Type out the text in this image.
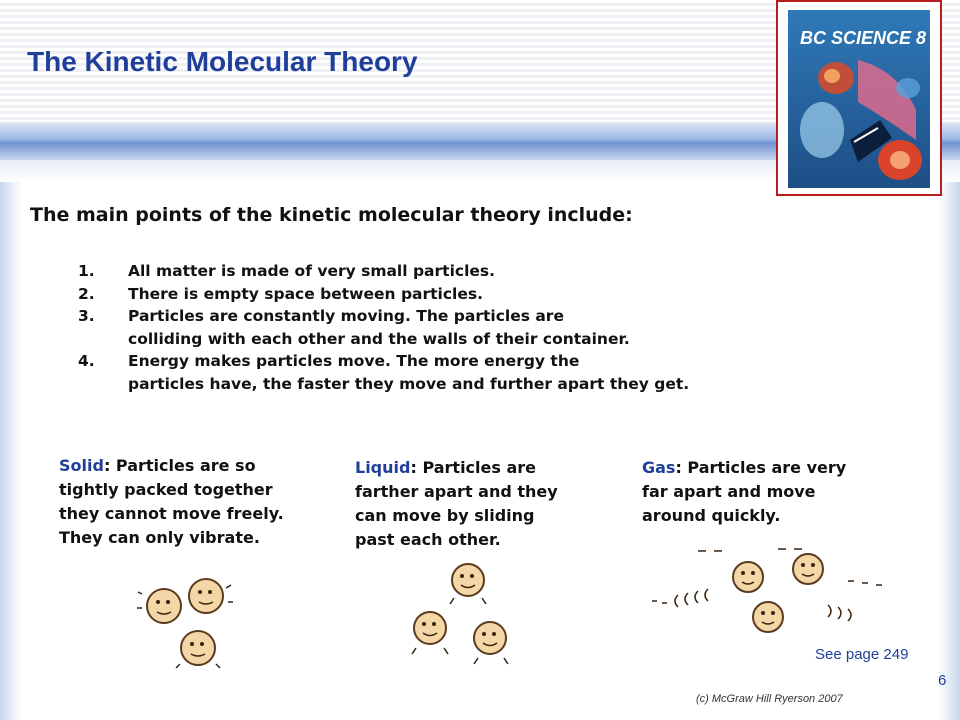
The Kinetic Molecular Theory
BC SCIENCE 8

The main points of the kinetic molecular theory include:

1. All matter is made of very small particles.
2. There is empty space between particles.
3. Particles are constantly moving. The particles are
colliding with each other and the walls of their container.
4. Energy makes particles move. The more energy the
particles have, the faster they move and further apart they get.
Solid: Particles are so
tightly packed together
they cannot move freely.
They can only vibrate.
Liquid: Particles are
farther apart and they
can move by sliding
past each other.
Gas: Particles are very
far apart and move
around quickly.
See page 249
6
(c) McGraw Hill Ryerson 2007
